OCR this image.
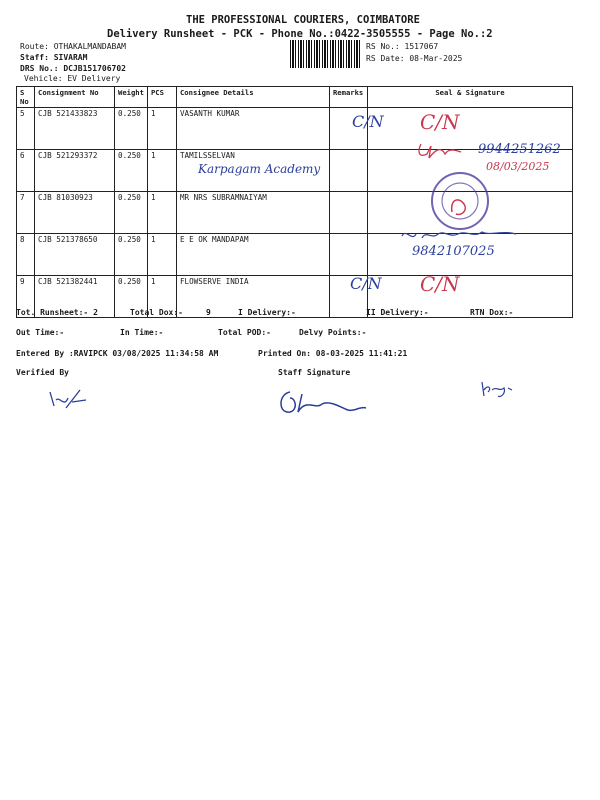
THE PROFESSIONAL COURIERS, COIMBATORE
Delivery Runsheet - PCK - Phone No.:0422-3505555 - Page No.:2
Route: OTHAKALMANDABAM
Staff: SIVARAM
DRS No.: DCJB151706702
Vehicle: EV Delivery
RS No.: 1517067
RS Date: 08-Mar-2025
S No	Consignment No	Weight	PCS	Consignee Details	Remarks	Seal & Signature
5	CJB 521433823	0.250	1	VASANTH KUMAR		
6	CJB 521293372	0.250	1	TAMILSSELVAN		
7	CJB 81030923	0.250	1	MR NRS SUBRAMNAIYAM		
8	CJB 521378650	0.250	1	E E OK MANDAPAM		
9	CJB 521382441	0.250	1	FLOWSERVE INDIA		
C/N C/N
9944251262
08/03/2025
Karpagam Academy
9842107025
C/N C/N
Tot. Runsheet:- 2	Total Dox:-	9	I Delivery:-	II Delivery:-	RTN Dox:-
Out Time:-	In Time:-	Total POD:-	Delvy Points:-
Entered By :RAVIPCK 03/08/2025 11:34:58 AM	Printed On: 08-03-2025 11:41:21
Verified By	Staff Signature
